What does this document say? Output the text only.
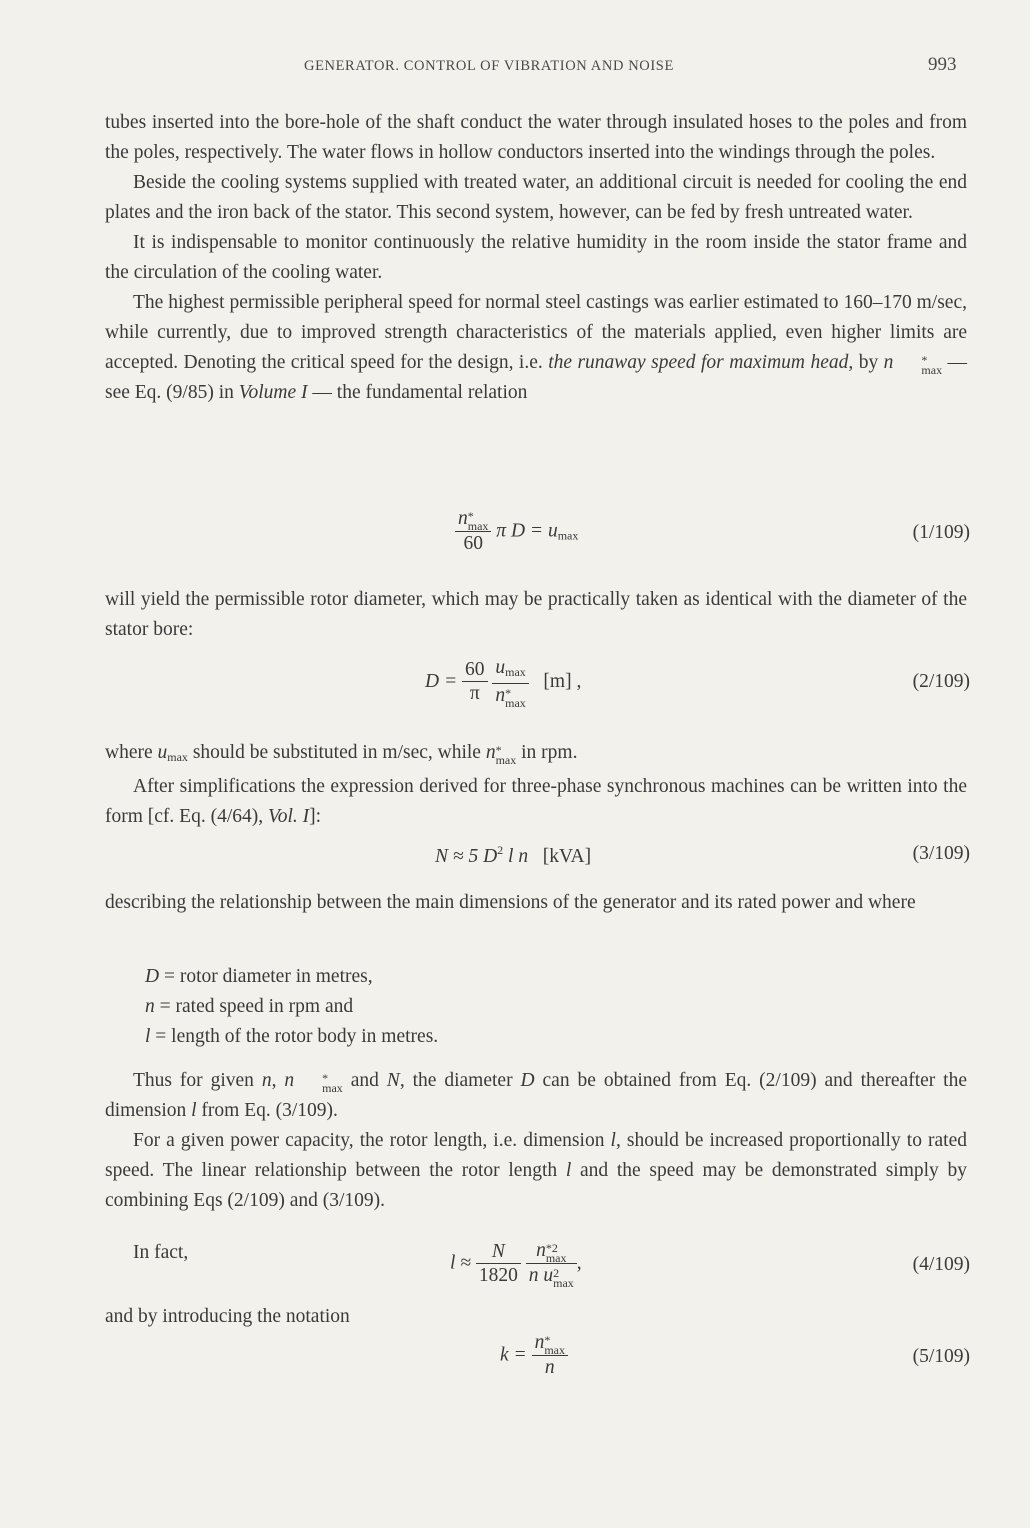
GENERATOR. CONTROL OF VIBRATION AND NOISE	993

tubes inserted into the bore-hole of the shaft conduct the water through insulated hoses to the poles and from the poles, respectively. The water flows in hollow conductors inserted into the windings through the poles.

Beside the cooling systems supplied with treated water, an additional circuit is needed for cooling the end plates and the iron back of the stator. This second system, however, can be fed by fresh untreated water.

It is indispensable to monitor continuously the relative humidity in the room inside the stator frame and the circulation of the cooling water.

The highest permissible peripheral speed for normal steel castings was earlier estimated to 160–170 m/sec, while currently, due to improved strength characteristics of the materials applied, even higher limits are accepted. Denoting the critical speed for the design, i.e. the runaway speed for maximum head, by n	*
max — see Eq. (9/85) in Volume I — the fundamental relation

n *
max
60 π $D = u_{max}$	(1/109)

will yield the permissible rotor diameter, which may be practically taken as identical with the diameter of the stator bore:

$D = \frac{60}{\pi}$
$u_{max}$
n *
max [m] ,	(2/109)

where $u_{max}$ should be substituted in m/sec, while n *
max in rpm.

After simplifications the expression derived for three-phase synchronous machines can be written into the form [cf. Eq. (4/64), Vol. I]:

N ≈ 5 $D^2$ l n [kVA]	(3/109)

describing the relationship between the main dimensions of the generator and its rated power and where

D = rotor diameter in metres,
n = rated speed in rpm and
l = length of the rotor body in metres.

Thus for given n, n	*
max and N, the diameter D can be obtained from Eq. (2/109) and thereafter the dimension l from Eq. (3/109).

For a given power capacity, the rotor length, i.e. dimension l, should be increased proportionally to rated speed. The linear relationship between the rotor length l and the speed may be demonstrated simply by combining Eqs (2/109) and (3/109).

In fact,	$l \approx \frac{N}{1820}$
n *2
max
n u 2
max ,	(4/109)

and by introducing the notation

k = n *
max
n	(5/109)
